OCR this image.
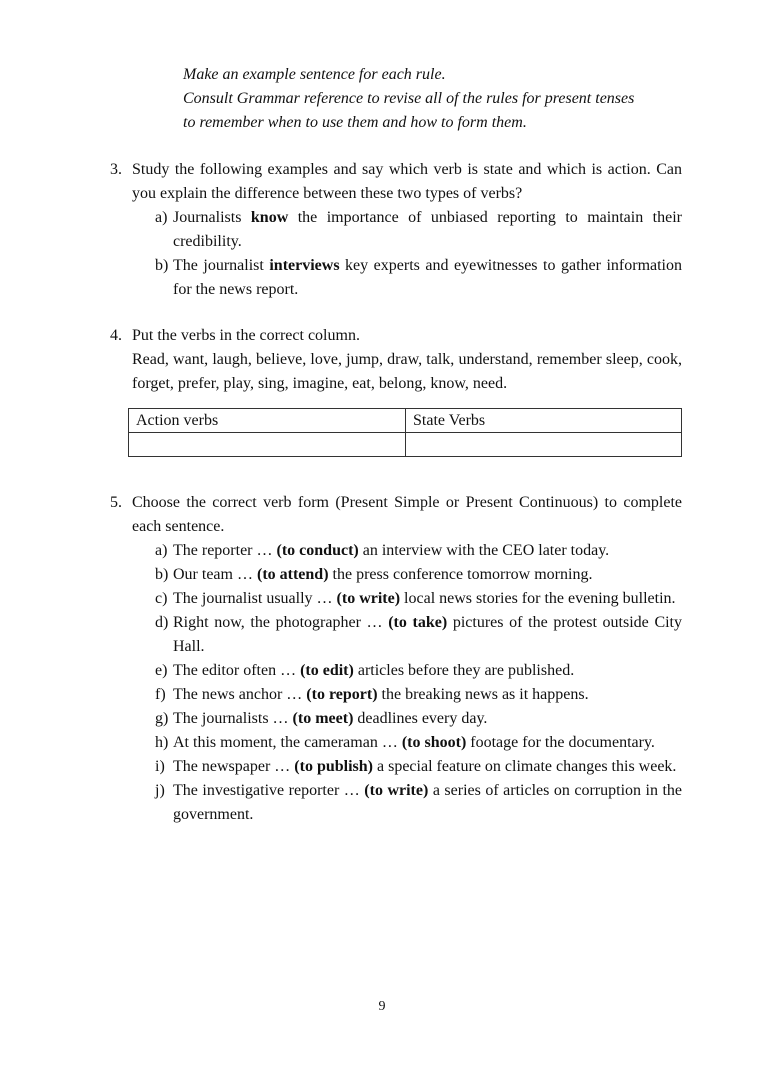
Make an example sentence for each rule.
Consult Grammar reference to revise all of the rules for present tenses
to remember when to use them and how to form them.
3. Study the following examples and say which verb is state and which is action. Can you explain the difference between these two types of verbs?
a) Journalists know the importance of unbiased reporting to maintain their credibility.
b) The journalist interviews key experts and eyewitnesses to gather information for the news report.
4. Put the verbs in the correct column.
Read, want, laugh, believe, love, jump, draw, talk, understand, remember sleep, cook, forget, prefer, play, sing, imagine, eat, belong, know, need.
Action verbs	State Verbs

5. Choose the correct verb form (Present Simple or Present Continuous) to complete each sentence.
a) The reporter … (to conduct) an interview with the CEO later today.
b) Our team … (to attend) the press conference tomorrow morning.
c) The journalist usually … (to write) local news stories for the evening bulletin.
d) Right now, the photographer … (to take) pictures of the protest outside City Hall.
e) The editor often … (to edit) articles before they are published.
f) The news anchor … (to report) the breaking news as it happens.
g) The journalists … (to meet) deadlines every day.
h) At this moment, the cameraman … (to shoot) footage for the documentary.
i) The newspaper … (to publish) a special feature on climate changes this week.
j) The investigative reporter … (to write) a series of articles on corruption in the government.
9
